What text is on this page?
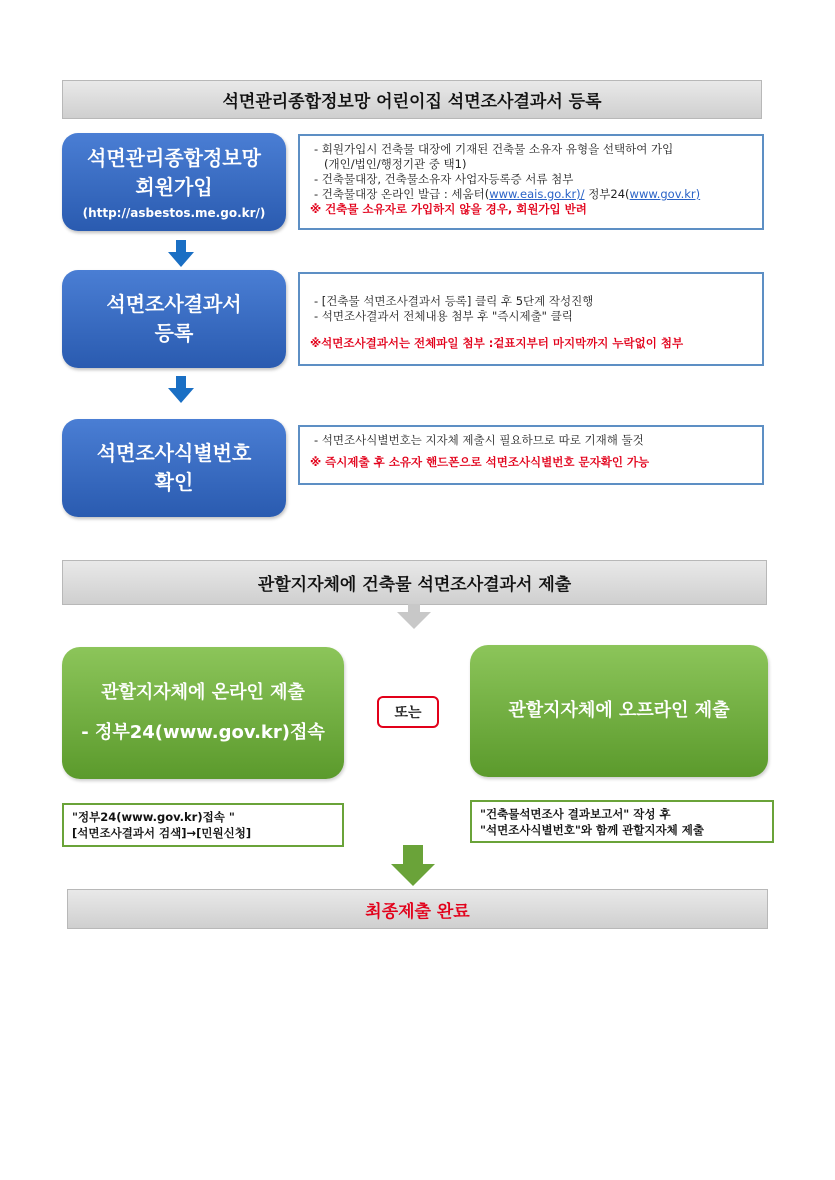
석면관리종합정보망 어린이집 석면조사결과서 등록
석면관리종합정보망
회원가입
(http://asbestos.me.go.kr/)
- 회원가입시 건축물 대장에 기재된 건축물 소유자 유형을 선택하여 가입
(개인/법인/행정기관 중 택1)
- 건축물대장, 건축물소유자 사업자등록증 서류 첨부
- 건축물대장 온라인 발급 : 세움터(www.eais.go.kr)/ 정부24(www.gov.kr)
※ 건축물 소유자로 가입하지 않을 경우, 회원가입 반려
석면조사결과서
등록
- [건축물 석면조사결과서 등록] 클릭 후 5단계 작성진행
- 석면조사결과서 전체내용 첨부 후 "즉시제출" 클릭
※석면조사결과서는 전체파일 첨부 :겉표지부터 마지막까지 누락없이 첨부
석면조사식별번호
확인
- 석면조사식별번호는 지자체 제출시 필요하므로 따로 기재해 둘것
※ 즉시제출 후 소유자 핸드폰으로 석면조사식별번호 문자확인 가능
관할지자체에 건축물 석면조사결과서 제출
관할지자체에 온라인 제출
- 정부24(www.gov.kr)접속
또는	관할지자체에 오프라인 제출
"정부24(www.gov.kr)접속 "
[석면조사결과서 검색]→[민원신청]
"건축물석면조사 결과보고서" 작성 후
"석면조사식별번호"와 함께 관할지자체 제출
최종제출 완료
